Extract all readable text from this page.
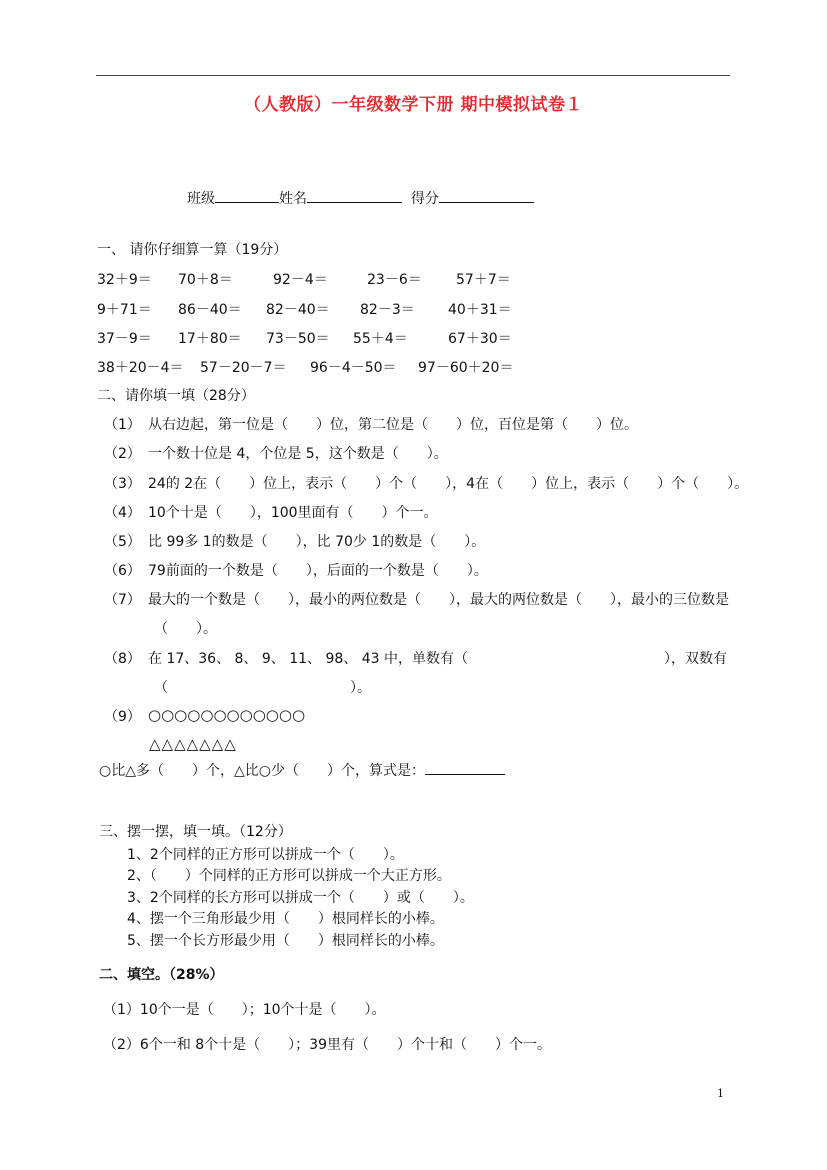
（人教版）一年级数学下册 期中模拟试卷１
班级	姓名	得分
一、 请你仔细算一算（19分）
32＋9＝ 70＋8＝	92－4＝	23－6＝ 57＋7＝
9＋71＝ 86－40＝ 82－40＝ 82－3＝ 40＋31＝
37－9＝ 17＋80＝ 73－50＝ 55＋4＝	67＋30＝
38＋20－4＝ 57－20－7＝ 96－4－50＝ 97－60＋20＝
二、请你填一填（28分）
（1） 从右边起，第一位是（　　）位，第二位是（　　）位，百位是第（　　）位。
（2） 一个数十位是 4，个位是 5，这个数是（　　）。
（3） 24的 2在（　　）位上，表示（　　）个（　　），4在（　　）位上，表示（　　）个（　　）。
（4） 10个十是（　　），100里面有（　　）个一。
（5） 比 99多 1的数是（　　），比 70少 1的数是（　　）。
（6） 79前面的一个数是（　　），后面的一个数是（　　）。
（7） 最大的一个数是（　　），最小的两位数是（　　），最大的两位数是（　　），最小的三位数是
（　　）。
（8） 在 17、36、 8、 9、 11、 98、 43 中，单数有（　　　　　　　　　　　　　　），双数有
（　　　　　　　　　　　　　）。
（9） ○○○○○○○○○○○○
△△△△△△△
○比△多（　　）个，△比○少（　　）个，算式是：
三、摆一摆，填一填。（12分）
1、2个同样的正方形可以拼成一个（　　）。
2、（　　）个同样的正方形可以拼成一个大正方形。
3、2个同样的长方形可以拼成一个（　　）或（　　）。
4、摆一个三角形最少用（　　）根同样长的小棒。
5、摆一个长方形最少用（　　）根同样长的小棒。
二、填空。（28%）
（1）10个一是（　　）；10个十是（　　）。
（2）6个一和 8个十是（　　）；39里有（　　）个十和（　　）个一。
1
